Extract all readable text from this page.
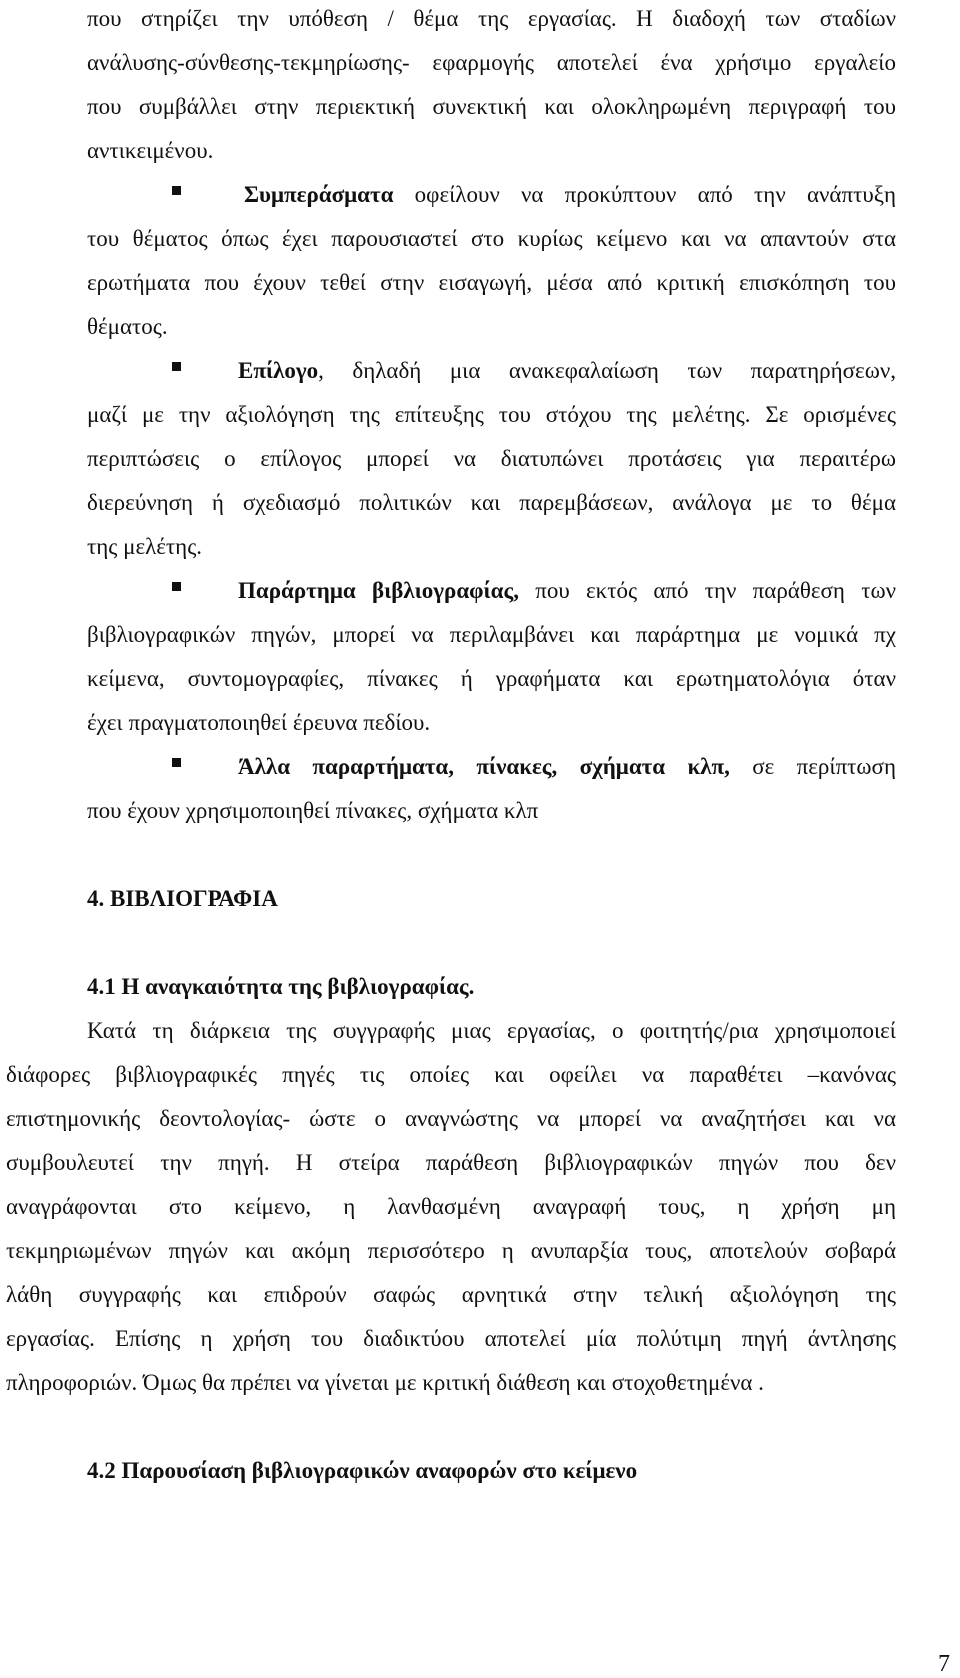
που στηρίζει την υπόθεση / θέμα της εργασίας. Η διαδοχή των σταδίων
ανάλυσης-σύνθεσης-τεκμηρίωσης- εφαρμογής αποτελεί ένα χρήσιμο εργαλείο
που συμβάλλει στην περιεκτική συνεκτική και ολοκληρωμένη περιγραφή του
αντικειμένου.
Συμπεράσματα οφείλουν να προκύπτουν από την ανάπτυξη
του θέματος όπως έχει παρουσιαστεί στο κυρίως κείμενο και να απαντούν στα
ερωτήματα που έχουν τεθεί στην εισαγωγή, μέσα από κριτική επισκόπηση του
θέματος.
Επίλογο, δηλαδή μια ανακεφαλαίωση των παρατηρήσεων,
μαζί με την αξιολόγηση της επίτευξης του στόχου της μελέτης. Σε ορισμένες
περιπτώσεις ο επίλογος μπορεί να διατυπώνει προτάσεις για περαιτέρω
διερεύνηση ή σχεδιασμό πολιτικών και παρεμβάσεων, ανάλογα με το θέμα
της μελέτης.
Παράρτημα βιβλιογραφίας, που εκτός από την παράθεση των
βιβλιογραφικών πηγών, μπορεί να περιλαμβάνει και παράρτημα με νομικά πχ
κείμενα, συντομογραφίες, πίνακες ή γραφήματα και ερωτηματολόγια όταν
έχει πραγματοποιηθεί έρευνα πεδίου.
Άλλα παραρτήματα, πίνακες, σχήματα κλπ, σε περίπτωση
που έχουν χρησιμοποιηθεί πίνακες, σχήματα κλπ
4. ΒΙΒΛΙΟΓΡΑΦΙΑ
4.1 Η αναγκαιότητα της βιβλιογραφίας.
Κατά τη διάρκεια της συγγραφής μιας εργασίας, ο φοιτητής/ρια χρησιμοποιεί
διάφορες βιβλιογραφικές πηγές τις οποίες και οφείλει να παραθέτει –κανόνας
επιστημονικής δεοντολογίας- ώστε ο αναγνώστης να μπορεί να αναζητήσει και να
συμβουλευτεί την πηγή. Η στείρα παράθεση βιβλιογραφικών πηγών που δεν
αναγράφονται στο κείμενο, η λανθασμένη αναγραφή τους, η χρήση μη
τεκμηριωμένων πηγών και ακόμη περισσότερο η ανυπαρξία τους, αποτελούν σοβαρά
λάθη συγγραφής και επιδρούν σαφώς αρνητικά στην τελική αξιολόγηση της
εργασίας. Επίσης η χρήση του διαδικτύου αποτελεί μία πολύτιμη πηγή άντλησης
πληροφοριών. Όμως θα πρέπει να γίνεται με κριτική διάθεση και στοχοθετημένα .
4.2 Παρουσίαση βιβλιογραφικών αναφορών στο κείμενο
7
